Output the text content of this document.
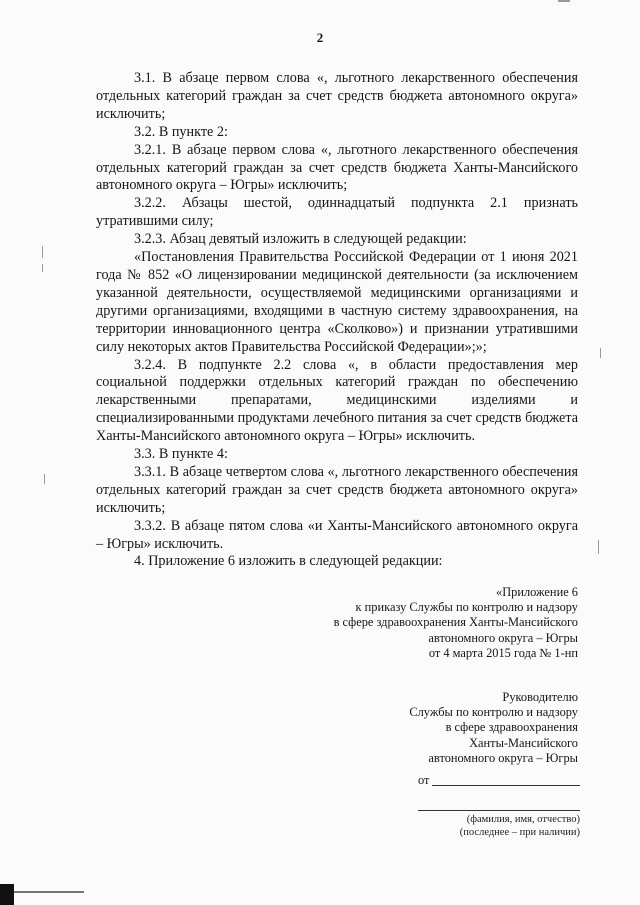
2

3.1. В абзаце первом слова «, льготного лекарственного обеспечения отдельных категорий граждан за счет средств бюджета автономного округа» исключить;

3.2. В пункте 2:

3.2.1. В абзаце первом слова «, льготного лекарственного обеспечения отдельных категорий граждан за счет средств бюджета Ханты-Мансийского автономного округа – Югры» исключить;

3.2.2. Абзацы шестой, одиннадцатый подпункта 2.1 признать утратившими силу;

3.2.3. Абзац девятый изложить в следующей редакции:

«Постановления Правительства Российской Федерации от 1 июня 2021 года № 852 «О лицензировании медицинской деятельности (за исключением указанной деятельности, осуществляемой медицинскими организациями и другими организациями, входящими в частную систему здравоохранения, на территории инновационного центра «Сколково») и признании утратившими силу некоторых актов Правительства Российской Федерации»;»;

3.2.4. В подпункте 2.2 слова «, в области предоставления мер социальной поддержки отдельных категорий граждан по обеспечению лекарственными препаратами, медицинскими изделиями и специализированными продуктами лечебного питания за счет средств бюджета Ханты-Мансийского автономного округа – Югры» исключить.

3.3. В пункте 4:

3.3.1. В абзаце четвертом слова «, льготного лекарственного обеспечения отдельных категорий граждан за счет средств бюджета автономного округа» исключить;

3.3.2. В абзаце пятом слова «и Ханты-Мансийского автономного округа – Югры» исключить.

4. Приложение 6 изложить в следующей редакции:

«Приложение 6
к приказу Службы по контролю и надзору
в сфере здравоохранения Ханты-Мансийского
автономного округа – Югры
от 4 марта 2015 года № 1-нп
Руководителю
Службы по контролю и надзору
в сфере здравоохранения
Ханты-Мансийского
автономного округа – Югры
от
(фамилия, имя, отчество)
(последнее – при наличии)
